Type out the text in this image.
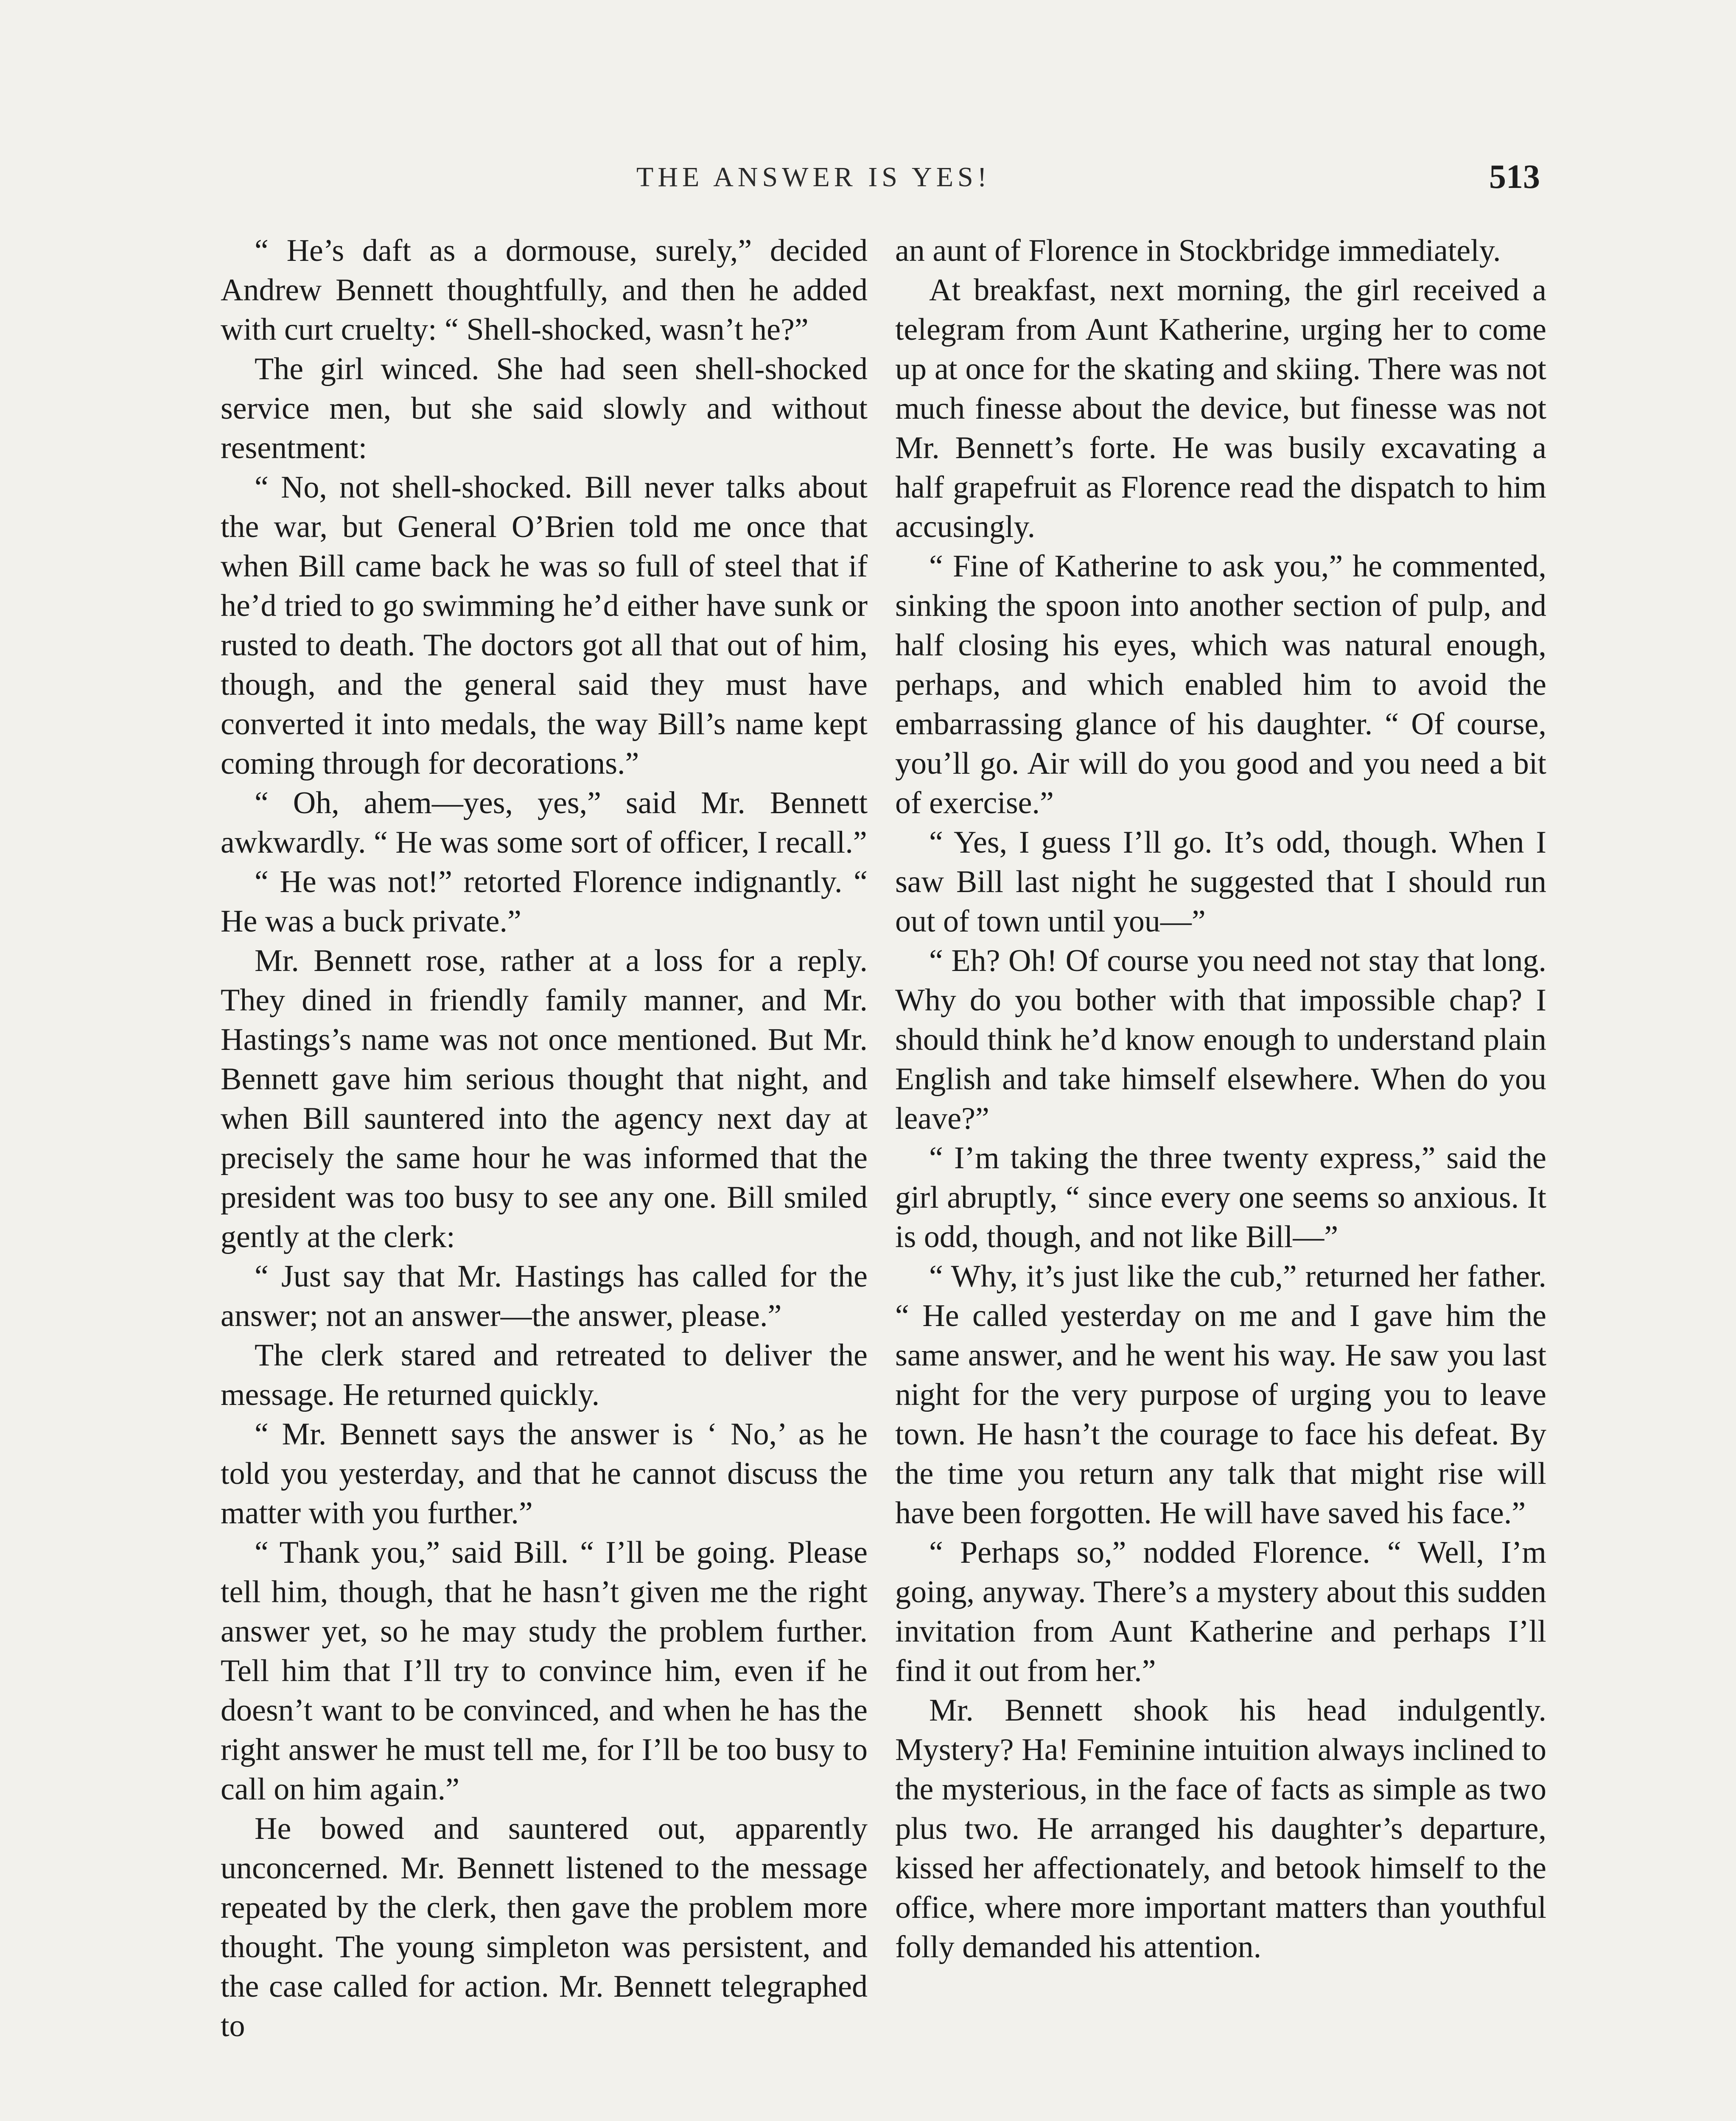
THE ANSWER IS YES!	513

“ He’s daft as a dormouse, surely,” decided Andrew Bennett thoughtfully, and then he added with curt cruelty: “ Shell-shocked, wasn’t he?”

The girl winced. She had seen shell-shocked service men, but she said slowly and without resentment:

“ No, not shell-shocked. Bill never talks about the war, but General O’Brien told me once that when Bill came back he was so full of steel that if he’d tried to go swimming he’d either have sunk or rusted to death. The doctors got all that out of him, though, and the general said they must have converted it into medals, the way Bill’s name kept coming through for decorations.”

“ Oh, ahem—yes, yes,” said Mr. Bennett awkwardly. “ He was some sort of officer, I recall.”

“ He was not!” retorted Florence indignantly. “ He was a buck private.”

Mr. Bennett rose, rather at a loss for a reply. They dined in friendly family manner, and Mr. Hastings’s name was not once mentioned. But Mr. Bennett gave him serious thought that night, and when Bill sauntered into the agency next day at precisely the same hour he was informed that the president was too busy to see any one. Bill smiled gently at the clerk:

“ Just say that Mr. Hastings has called for the answer; not an answer—the answer, please.”

The clerk stared and retreated to deliver the message. He returned quickly.

“ Mr. Bennett says the answer is ‘ No,’ as he told you yesterday, and that he cannot discuss the matter with you further.”

“ Thank you,” said Bill. “ I’ll be going. Please tell him, though, that he hasn’t given me the right answer yet, so he may study the problem further. Tell him that I’ll try to convince him, even if he doesn’t want to be convinced, and when he has the right answer he must tell me, for I’ll be too busy to call on him again.”

He bowed and sauntered out, apparently unconcerned. Mr. Bennett listened to the message repeated by the clerk, then gave the problem more thought. The young simpleton was persistent, and the case called for action. Mr. Bennett telegraphed to

an aunt of Florence in Stockbridge immediately.

At breakfast, next morning, the girl received a telegram from Aunt Katherine, urging her to come up at once for the skating and skiing. There was not much finesse about the device, but finesse was not Mr. Bennett’s forte. He was busily excavating a half grapefruit as Florence read the dispatch to him accusingly.

“ Fine of Katherine to ask you,” he commented, sinking the spoon into another section of pulp, and half closing his eyes, which was natural enough, perhaps, and which enabled him to avoid the embarrassing glance of his daughter. “ Of course, you’ll go. Air will do you good and you need a bit of exercise.”

“ Yes, I guess I’ll go. It’s odd, though. When I saw Bill last night he suggested that I should run out of town until you—”

“ Eh? Oh! Of course you need not stay that long. Why do you bother with that impossible chap? I should think he’d know enough to understand plain English and take himself elsewhere. When do you leave?”

“ I’m taking the three twenty express,” said the girl abruptly, “ since every one seems so anxious. It is odd, though, and not like Bill—”

“ Why, it’s just like the cub,” returned her father. “ He called yesterday on me and I gave him the same answer, and he went his way. He saw you last night for the very purpose of urging you to leave town. He hasn’t the courage to face his defeat. By the time you return any talk that might rise will have been forgotten. He will have saved his face.”

“ Perhaps so,” nodded Florence. “ Well, I’m going, anyway. There’s a mystery about this sudden invitation from Aunt Katherine and perhaps I’ll find it out from her.”

Mr. Bennett shook his head indulgently. Mystery? Ha! Feminine intuition always inclined to the mysterious, in the face of facts as simple as two plus two. He arranged his daughter’s departure, kissed her affectionately, and betook himself to the office, where more important matters than youthful folly demanded his attention.
